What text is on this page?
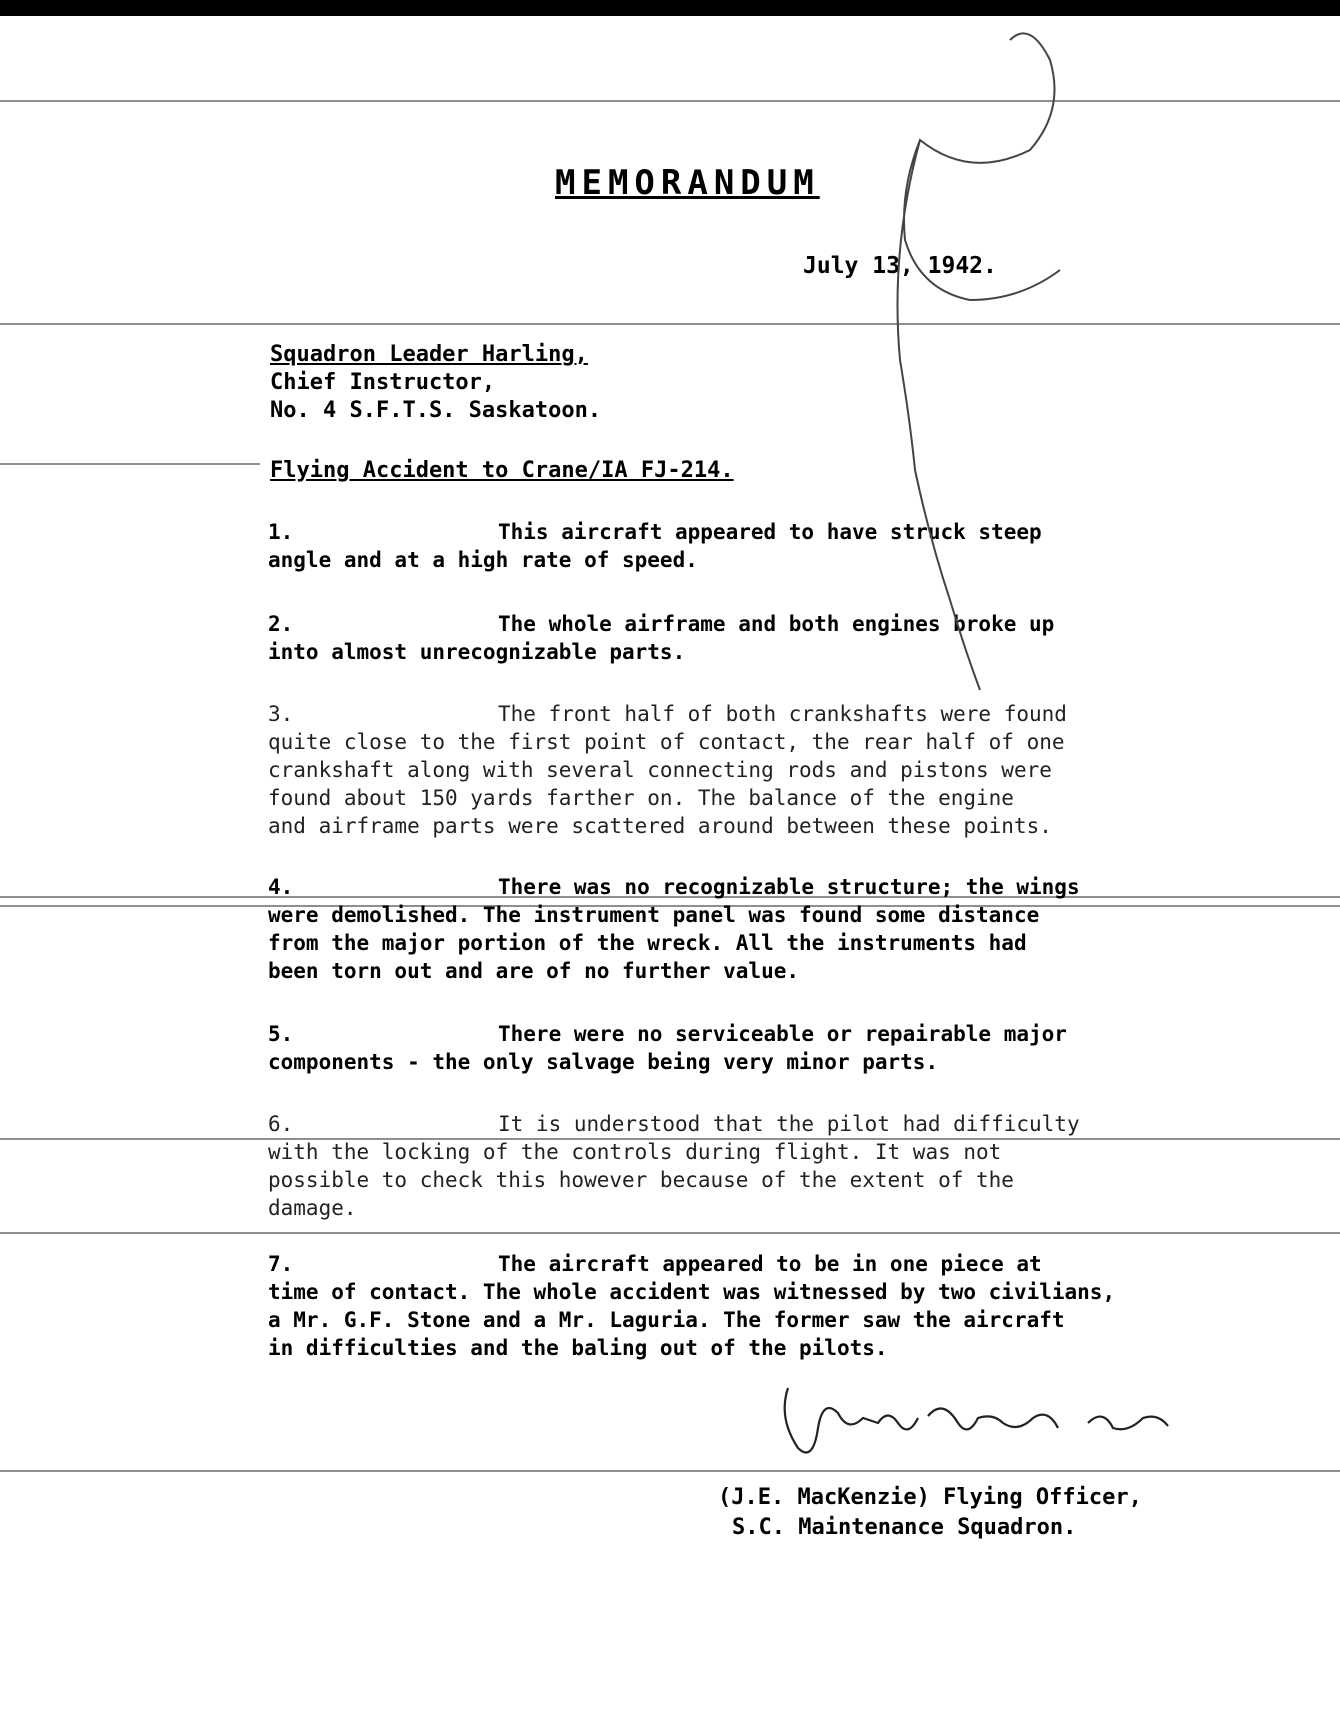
MEMORANDUM
July 13, 1942.
Squadron Leader Harling,
Chief Instructor,
No. 4 S.F.T.S. Saskatoon.
Flying Accident to Crane/IA FJ-214.
1.	This aircraft appeared to have struck steep
angle and at a high rate of speed.
2.	The whole airframe and both engines broke up
into almost unrecognizable parts.
3.	The front half of both crankshafts were found
quite close to the first point of contact, the rear half of one
crankshaft along with several connecting rods and pistons were
found about 150 yards farther on. The balance of the engine
and airframe parts were scattered around between these points.
4.	There was no recognizable structure; the wings
were demolished. The instrument panel was found some distance
from the major portion of the wreck. All the instruments had
been torn out and are of no further value.
5.	There were no serviceable or repairable major
components - the only salvage being very minor parts.
6.	It is understood that the pilot had difficulty
with the locking of the controls during flight. It was not
possible to check this however because of the extent of the
damage.
7.	The aircraft appeared to be in one piece at
time of contact. The whole accident was witnessed by two civilians,
a Mr. G.F. Stone and a Mr. Laguria. The former saw the aircraft
in difficulties and the baling out of the pilots.
(J.E. MacKenzie) Flying Officer,
S.C. Maintenance Squadron.
